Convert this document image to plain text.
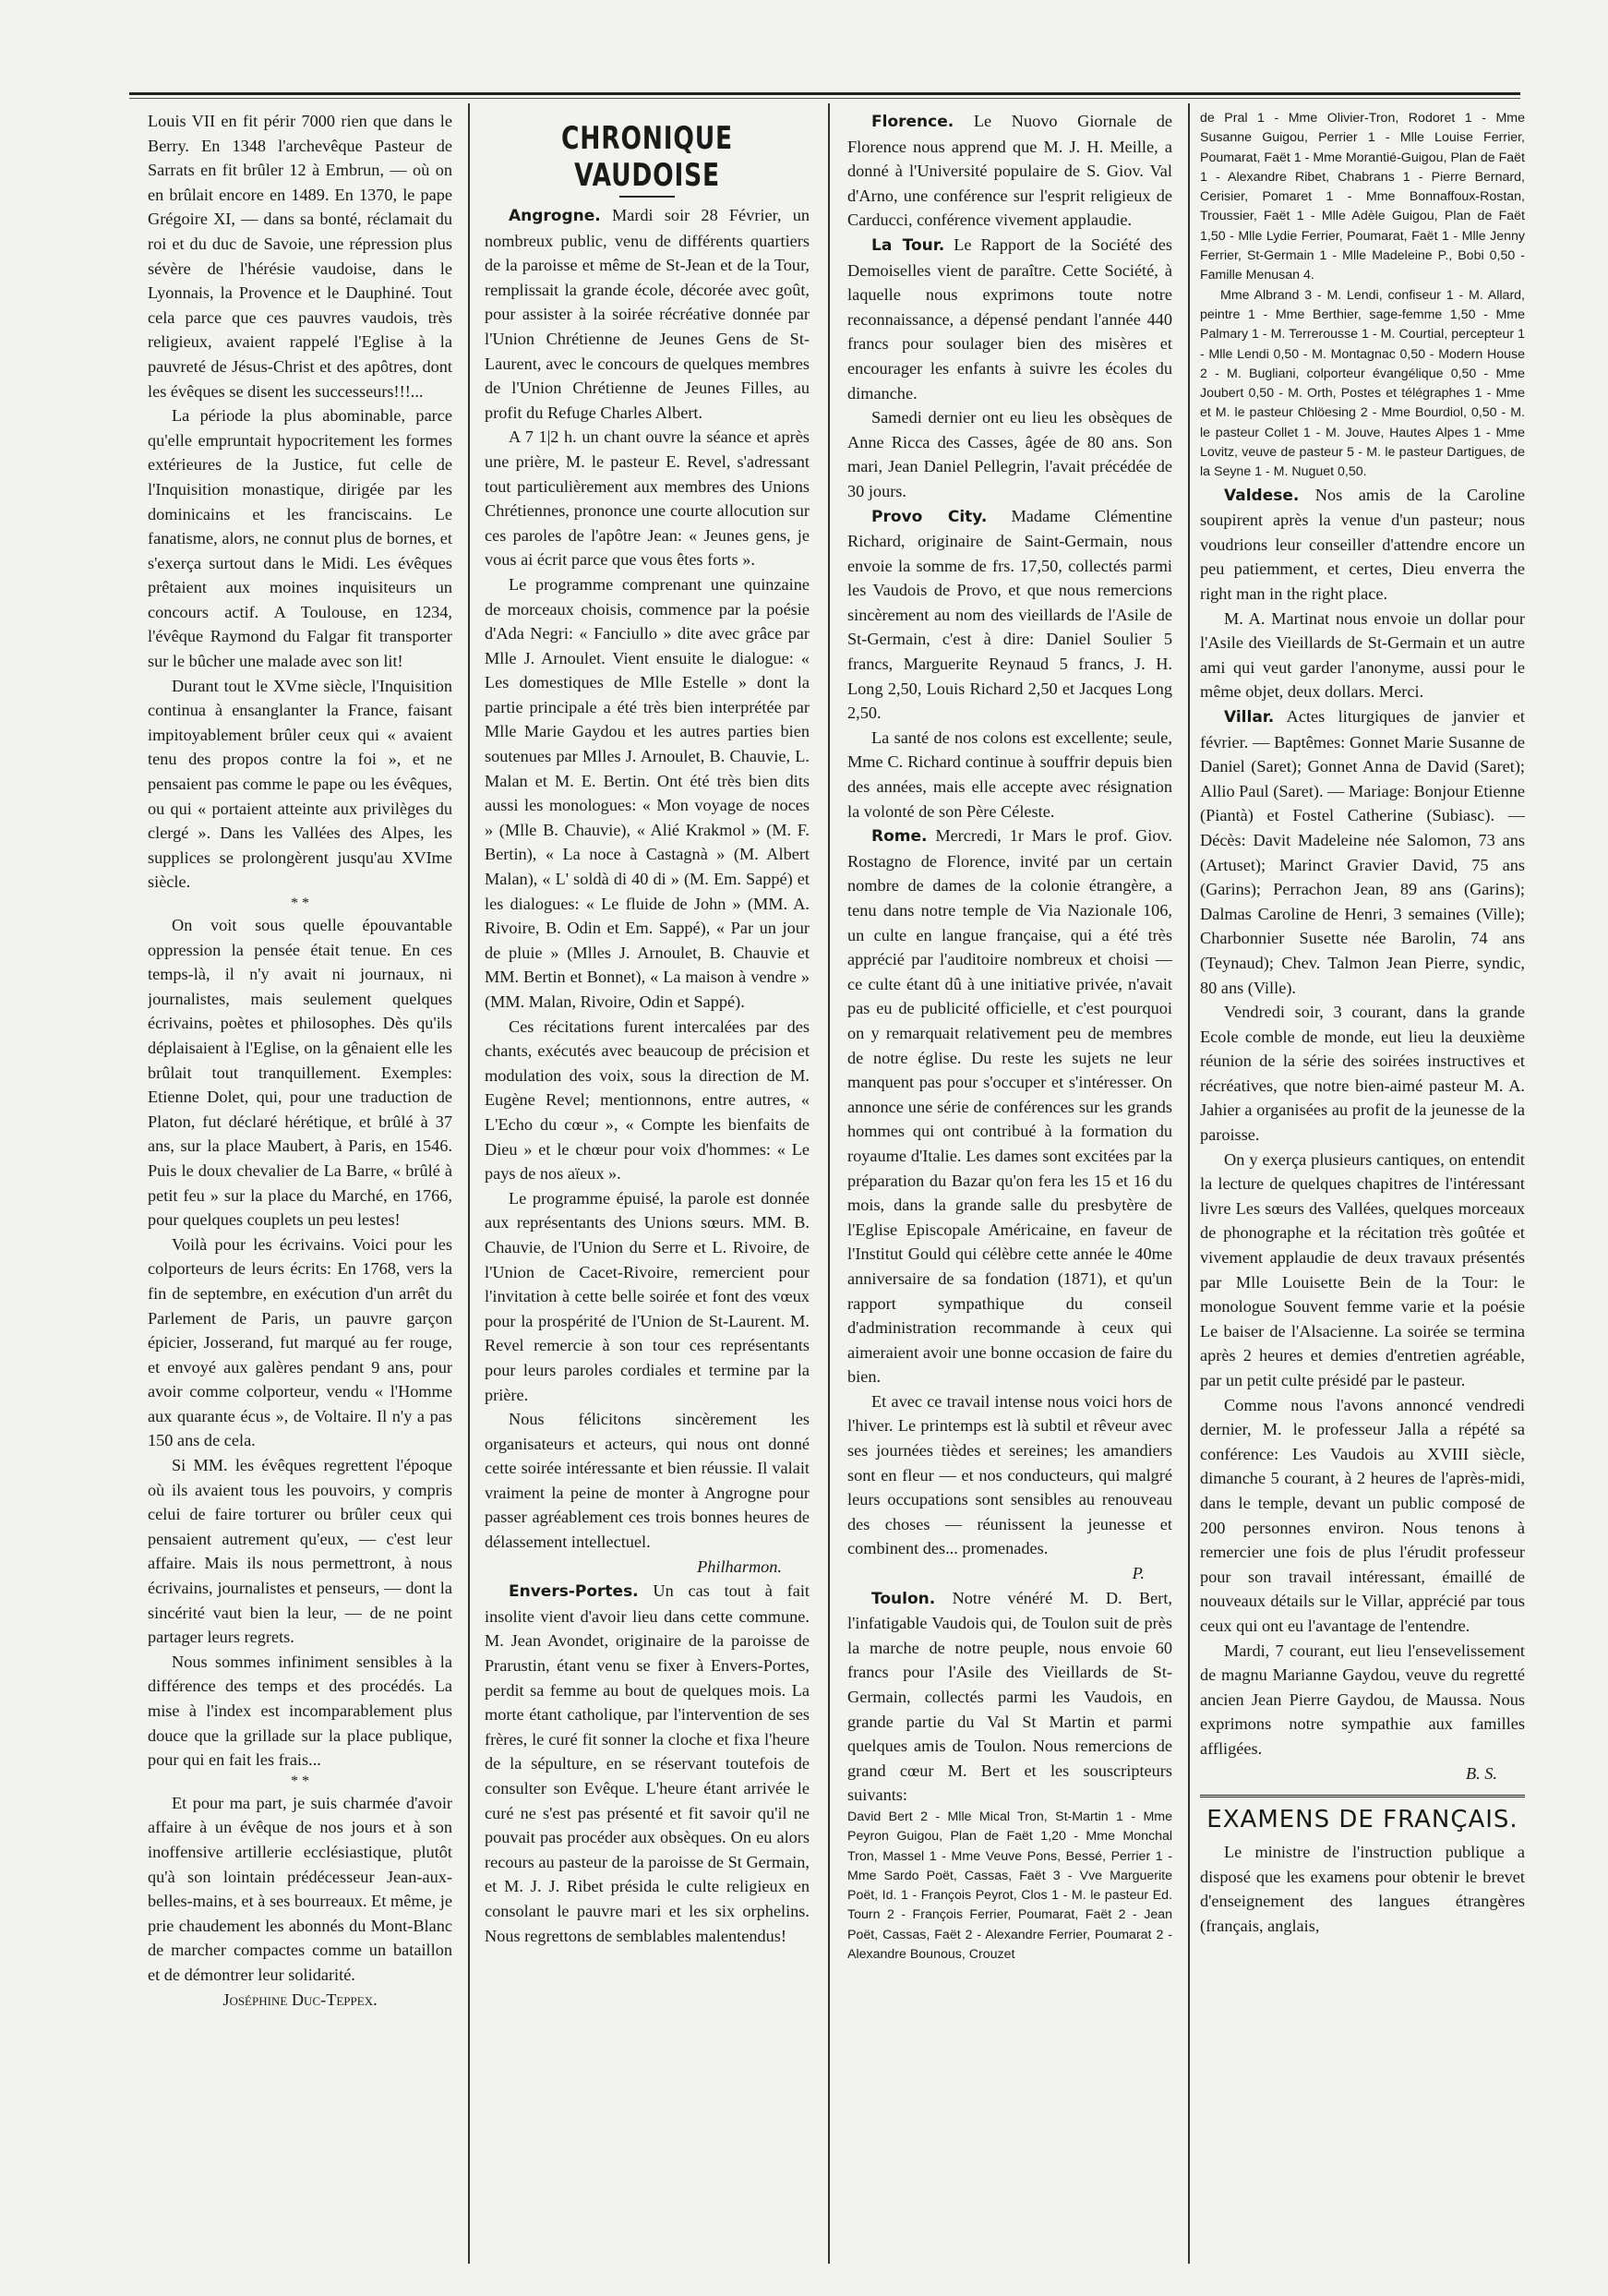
Louis VII en fit périr 7000 rien que dans le Berry. En 1348 l'archevêque Pasteur de Sarrats en fit brûler 12 à Embrun, — où on en brûlait encore en 1489. En 1370, le pape Grégoire XI, — dans sa bonté, réclamait du roi et du duc de Savoie, une répression plus sévère de l'hérésie vaudoise, dans le Lyonnais, la Provence et le Dauphiné. Tout cela parce que ces pauvres vaudois, très religieux, avaient rappelé l'Eglise à la pauvreté de Jésus-Christ et des apôtres, dont les évêques se disent les successeurs!!!...

La période la plus abominable, parce qu'elle empruntait hypocritement les formes extérieures de la Justice, fut celle de l'Inquisition monastique, dirigée par les dominicains et les franciscains. Le fanatisme, alors, ne connut plus de bornes, et s'exerça surtout dans le Midi. Les évêques prêtaient aux moines inquisiteurs un concours actif. A Toulouse, en 1234, l'évêque Raymond du Falgar fit transporter sur le bûcher une malade avec son lit!

Durant tout le XVme siècle, l'Inquisition continua à ensanglanter la France, faisant impitoyablement brûler ceux qui « avaient tenu des propos contre la foi », et ne pensaient pas comme le pape ou les évêques, ou qui « portaient atteinte aux privilèges du clergé ». Dans les Vallées des Alpes, les supplices se prolongèrent jusqu'au XVIme siècle.

* *

On voit sous quelle épouvantable oppression la pensée était tenue. En ces temps-là, il n'y avait ni journaux, ni journalistes, mais seulement quelques écrivains, poètes et philosophes. Dès qu'ils déplaisaient à l'Eglise, on la gênaient elle les brûlait tout tranquillement. Exemples: Etienne Dolet, qui, pour une traduction de Platon, fut déclaré hérétique, et brûlé à 37 ans, sur la place Maubert, à Paris, en 1546. Puis le doux chevalier de La Barre, « brûlé à petit feu » sur la place du Marché, en 1766, pour quelques couplets un peu lestes!

Voilà pour les écrivains. Voici pour les colporteurs de leurs écrits: En 1768, vers la fin de septembre, en exécution d'un arrêt du Parlement de Paris, un pauvre garçon épicier, Josserand, fut marqué au fer rouge, et envoyé aux galères pendant 9 ans, pour avoir comme colporteur, vendu « l'Homme aux quarante écus », de Voltaire. Il n'y a pas 150 ans de cela.

Si MM. les évêques regrettent l'époque où ils avaient tous les pouvoirs, y compris celui de faire torturer ou brûler ceux qui pensaient autrement qu'eux, — c'est leur affaire. Mais ils nous permettront, à nous écrivains, journalistes et penseurs, — dont la sincérité vaut bien la leur, — de ne point partager leurs regrets.

Nous sommes infiniment sensibles à la différence des temps et des procédés. La mise à l'index est incomparablement plus douce que la grillade sur la place publique, pour qui en fait les frais...

* *

Et pour ma part, je suis charmée d'avoir affaire à un évêque de nos jours et à son inoffensive artillerie ecclésiastique, plutôt qu'à son lointain prédécesseur Jean-aux-belles-mains, et à ses bourreaux. Et même, je prie chaudement les abonnés du Mont-Blanc de marcher compactes comme un bataillon et de démontrer leur solidarité.

Joséphine Duc-Teppex.

CHRONIQUE VAUDOISE

Angrogne. Mardi soir 28 Février, un nombreux public, venu de différents quartiers de la paroisse et même de St-Jean et de la Tour, remplissait la grande école, décorée avec goût, pour assister à la soirée récréative donnée par l'Union Chrétienne de Jeunes Gens de St-Laurent, avec le concours de quelques membres de l'Union Chrétienne de Jeunes Filles, au profit du Refuge Charles Albert.

A 7 1|2 h. un chant ouvre la séance et après une prière, M. le pasteur E. Revel, s'adressant tout particulièrement aux membres des Unions Chrétiennes, prononce une courte allocution sur ces paroles de l'apôtre Jean: « Jeunes gens, je vous ai écrit parce que vous êtes forts ».

Le programme comprenant une quinzaine de morceaux choisis, commence par la poésie d'Ada Negri: « Fanciullo » dite avec grâce par Mlle J. Arnoulet. Vient ensuite le dialogue: « Les domestiques de Mlle Estelle » dont la partie principale a été très bien interprétée par Mlle Marie Gaydou et les autres parties bien soutenues par Mlles J. Arnoulet, B. Chauvie, L. Malan et M. E. Bertin. Ont été très bien dits aussi les monologues: « Mon voyage de noces » (Mlle B. Chauvie), « Alié Krakmol » (M. F. Bertin), « La noce à Castagnà » (M. Albert Malan), « L' soldà di 40 di » (M. Em. Sappé) et les dialogues: « Le fluide de John » (MM. A. Rivoire, B. Odin et Em. Sappé), « Par un jour de pluie » (Mlles J. Arnoulet, B. Chauvie et MM. Bertin et Bonnet), « La maison à vendre » (MM. Malan, Rivoire, Odin et Sappé).

Ces récitations furent intercalées par des chants, exécutés avec beaucoup de précision et modulation des voix, sous la direction de M. Eugène Revel; mentionnons, entre autres, « L'Echo du cœur », « Compte les bienfaits de Dieu » et le chœur pour voix d'hommes: « Le pays de nos aïeux ».

Le programme épuisé, la parole est donnée aux représentants des Unions sœurs. MM. B. Chauvie, de l'Union du Serre et L. Rivoire, de l'Union de Cacet-Rivoire, remercient pour l'invitation à cette belle soirée et font des vœux pour la prospérité de l'Union de St-Laurent. M. Revel remercie à son tour ces représentants pour leurs paroles cordiales et termine par la prière.

Nous félicitons sincèrement les organisateurs et acteurs, qui nous ont donné cette soirée intéressante et bien réussie. Il valait vraiment la peine de monter à Angrogne pour passer agréablement ces trois bonnes heures de délassement intellectuel.

Philharmon.

Envers-Portes. Un cas tout à fait insolite vient d'avoir lieu dans cette commune. M. Jean Avondet, originaire de la paroisse de Prarustin, étant venu se fixer à Envers-Portes, perdit sa femme au bout de quelques mois. La morte étant catholique, par l'intervention de ses frères, le curé fit sonner la cloche et fixa l'heure de la sépulture, en se réservant toutefois de consulter son Evêque. L'heure étant arrivée le curé ne s'est pas présenté et fit savoir qu'il ne pouvait pas procéder aux obsèques. On eu alors recours au pasteur de la paroisse de St Germain, et M. J. J. Ribet présida le culte religieux en consolant le pauvre mari et les six orphelins. Nous regrettons de semblables malentendus!

Florence. Le Nuovo Giornale de Florence nous apprend que M. J. H. Meille, a donné à l'Université populaire de S. Giov. Val d'Arno, une conférence sur l'esprit religieux de Carducci, conférence vivement applaudie.

La Tour. Le Rapport de la Société des Demoiselles vient de paraître. Cette Société, à laquelle nous exprimons toute notre reconnaissance, a dépensé pendant l'année 440 francs pour soulager bien des misères et encourager les enfants à suivre les écoles du dimanche.

Samedi dernier ont eu lieu les obsèques de Anne Ricca des Casses, âgée de 80 ans. Son mari, Jean Daniel Pellegrin, l'avait précédée de 30 jours.

Provo City. Madame Clémentine Richard, originaire de Saint-Germain, nous envoie la somme de frs. 17,50, collectés parmi les Vaudois de Provo, et que nous remercions sincèrement au nom des vieillards de l'Asile de St-Germain, c'est à dire: Daniel Soulier 5 francs, Marguerite Reynaud 5 francs, J. H. Long 2,50, Louis Richard 2,50 et Jacques Long 2,50.

La santé de nos colons est excellente; seule, Mme C. Richard continue à souffrir depuis bien des années, mais elle accepte avec résignation la volonté de son Père Céleste.

Rome. Mercredi, 1r Mars le prof. Giov. Rostagno de Florence, invité par un certain nombre de dames de la colonie étrangère, a tenu dans notre temple de Via Nazionale 106, un culte en langue française, qui a été très apprécié par l'auditoire nombreux et choisi — ce culte étant dû à une initiative privée, n'avait pas eu de publicité officielle, et c'est pourquoi on y remarquait relativement peu de membres de notre église. Du reste les sujets ne leur manquent pas pour s'occuper et s'intéresser. On annonce une série de conférences sur les grands hommes qui ont contribué à la formation du royaume d'Italie. Les dames sont excitées par la préparation du Bazar qu'on fera les 15 et 16 du mois, dans la grande salle du presbytère de l'Eglise Episcopale Américaine, en faveur de l'Institut Gould qui célèbre cette année le 40me anniversaire de sa fondation (1871), et qu'un rapport sympathique du conseil d'administration recommande à ceux qui aimeraient avoir une bonne occasion de faire du bien.

Et avec ce travail intense nous voici hors de l'hiver. Le printemps est là subtil et rêveur avec ses journées tièdes et sereines; les amandiers sont en fleur — et nos conducteurs, qui malgré leurs occupations sont sensibles au renouveau des choses — réunissent la jeunesse et combinent des... promenades.

P.

Toulon. Notre vénéré M. D. Bert, l'infatigable Vaudois qui, de Toulon suit de près la marche de notre peuple, nous envoie 60 francs pour l'Asile des Vieillards de St-Germain, collectés parmi les Vaudois, en grande partie du Val St Martin et parmi quelques amis de Toulon. Nous remercions de grand cœur M. Bert et les souscripteurs suivants:

David Bert 2 - Mlle Mical Tron, St-Martin 1 - Mme Peyron Guigou, Plan de Faët 1,20 - Mme Monchal Tron, Massel 1 - Mme Veuve Pons, Bessé, Perrier 1 - Mme Sardo Poët, Cassas, Faët 3 - Vve Marguerite Poët, Id. 1 - François Peyrot, Clos 1 - M. le pasteur Ed. Tourn 2 - François Ferrier, Poumarat, Faët 2 - Jean Poët, Cassas, Faët 2 - Alexandre Ferrier, Poumarat 2 - Alexandre Bounous, Crouzet

de Pral 1 - Mme Olivier-Tron, Rodoret 1 - Mme Susanne Guigou, Perrier 1 - Mlle Louise Ferrier, Poumarat, Faët 1 - Mme Morantié-Guigou, Plan de Faët 1 - Alexandre Ribet, Chabrans 1 - Pierre Bernard, Cerisier, Pomaret 1 - Mme Bonnaffoux-Rostan, Troussier, Faët 1 - Mlle Adèle Guigou, Plan de Faët 1,50 - Mlle Lydie Ferrier, Poumarat, Faët 1 - Mlle Jenny Ferrier, St-Germain 1 - Mlle Madeleine P., Bobi 0,50 - Famille Menusan 4.

Mme Albrand 3 - M. Lendi, confiseur 1 - M. Allard, peintre 1 - Mme Berthier, sage-femme 1,50 - Mme Palmary 1 - M. Terrerousse 1 - M. Courtial, percepteur 1 - Mlle Lendi 0,50 - M. Montagnac 0,50 - Modern House 2 - M. Bugliani, colporteur évangélique 0,50 - Mme Joubert 0,50 - M. Orth, Postes et télégraphes 1 - Mme et M. le pasteur Chlöesing 2 - Mme Bourdiol, 0,50 - M. le pasteur Collet 1 - M. Jouve, Hautes Alpes 1 - Mme Lovitz, veuve de pasteur 5 - M. le pasteur Dartigues, de la Seyne 1 - M. Nuguet 0,50.

Valdese. Nos amis de la Caroline soupirent après la venue d'un pasteur; nous voudrions leur conseiller d'attendre encore un peu patiemment, et certes, Dieu enverra the right man in the right place.

M. A. Martinat nous envoie un dollar pour l'Asile des Vieillards de St-Germain et un autre ami qui veut garder l'anonyme, aussi pour le même objet, deux dollars. Merci.

Villar. Actes liturgiques de janvier et février. — Baptêmes: Gonnet Marie Susanne de Daniel (Saret); Gonnet Anna de David (Saret); Allio Paul (Saret). — Mariage: Bonjour Etienne (Piantà) et Fostel Catherine (Subiasc). — Décès: Davit Madeleine née Salomon, 73 ans (Artuset); Marinct Gravier David, 75 ans (Garins); Perrachon Jean, 89 ans (Garins); Dalmas Caroline de Henri, 3 semaines (Ville); Charbonnier Susette née Barolin, 74 ans (Teynaud); Chev. Talmon Jean Pierre, syndic, 80 ans (Ville).

Vendredi soir, 3 courant, dans la grande Ecole comble de monde, eut lieu la deuxième réunion de la série des soirées instructives et récréatives, que notre bien-aimé pasteur M. A. Jahier a organisées au profit de la jeunesse de la paroisse.

On y exerça plusieurs cantiques, on entendit la lecture de quelques chapitres de l'intéressant livre Les sœurs des Vallées, quelques morceaux de phonographe et la récitation très goûtée et vivement applaudie de deux travaux présentés par Mlle Louisette Bein de la Tour: le monologue Souvent femme varie et la poésie Le baiser de l'Alsacienne. La soirée se termina après 2 heures et demies d'entretien agréable, par un petit culte présidé par le pasteur.

Comme nous l'avons annoncé vendredi dernier, M. le professeur Jalla a répété sa conférence: Les Vaudois au XVIII siècle, dimanche 5 courant, à 2 heures de l'après-midi, dans le temple, devant un public composé de 200 personnes environ. Nous tenons à remercier une fois de plus l'érudit professeur pour son travail intéressant, émaillé de nouveaux détails sur le Villar, apprécié par tous ceux qui ont eu l'avantage de l'entendre.

Mardi, 7 courant, eut lieu l'ensevelissement de magnu Marianne Gaydou, veuve du regretté ancien Jean Pierre Gaydou, de Maussa. Nous exprimons notre sympathie aux familles affligées.

B. S.

EXAMENS DE FRANÇAIS.

Le ministre de l'instruction publique a disposé que les examens pour obtenir le brevet d'enseignement des langues étrangères (français, anglais,
